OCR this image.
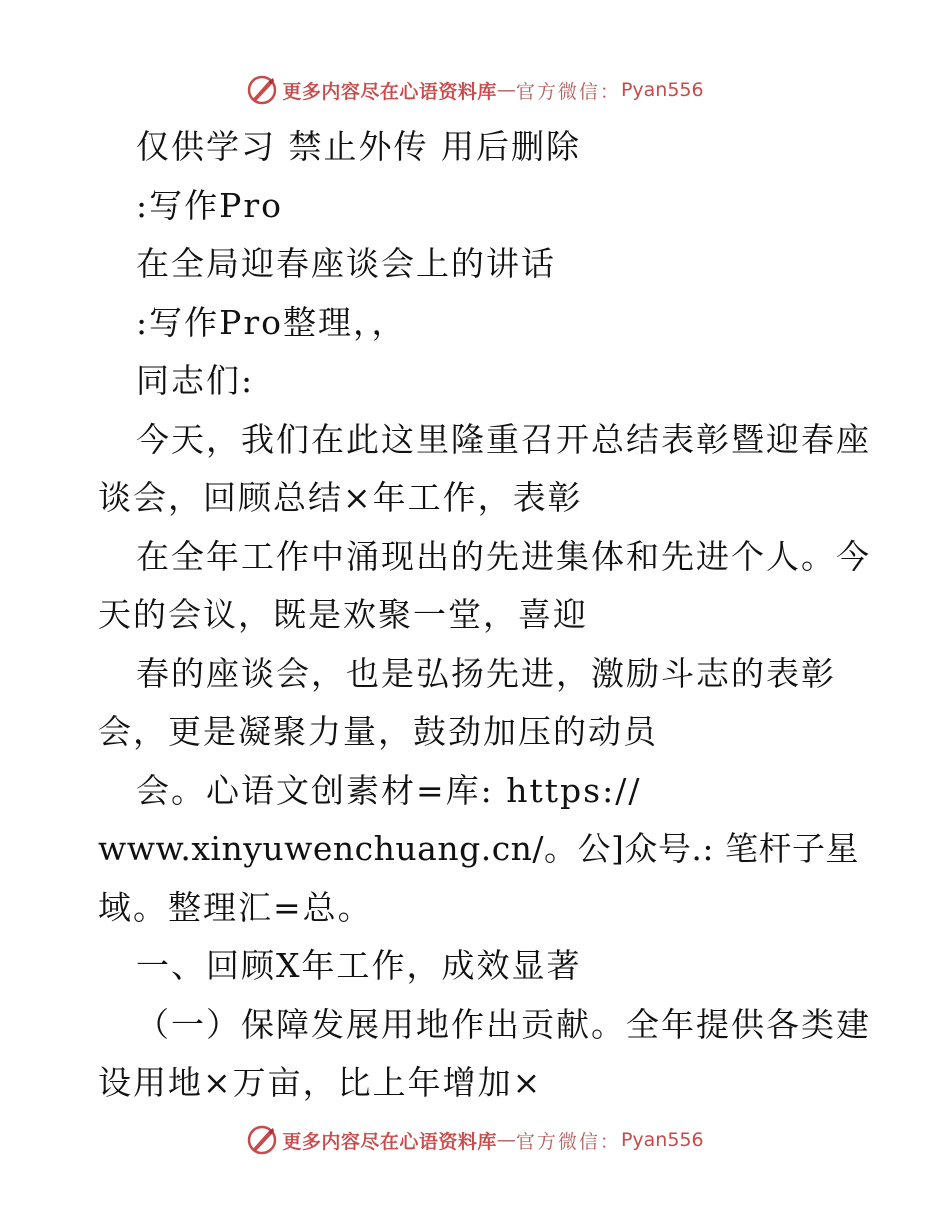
更多内容尽在心语资料库 — 官方微信： Pyan556
仅供学习 禁止外传 用后删除
:写作Pro
在全局迎春座谈会上的讲话
:写作Pro整理，，
同志们:
今天，我们在此这里隆重召开总结表彰暨迎春座
谈会，回顾总结×年工作，表彰
在全年工作中涌现出的先进集体和先进个人。今
天的会议，既是欢聚一堂，喜迎
春的座谈会，也是弘扬先进，激励斗志的表彰
会，更是凝聚力量，鼓劲加压的动员
会。心语文创素材=库: https://
www.xinyuwenchuang.cn/。公]众号.: 笔杆子星
域。整理汇=总。
一、回顾X年工作，成效显著
（一）保障发展用地作出贡献。全年提供各类建
设用地×万亩，比上年增加×
更多内容尽在心语资料库 — 官方微信： Pyan556
